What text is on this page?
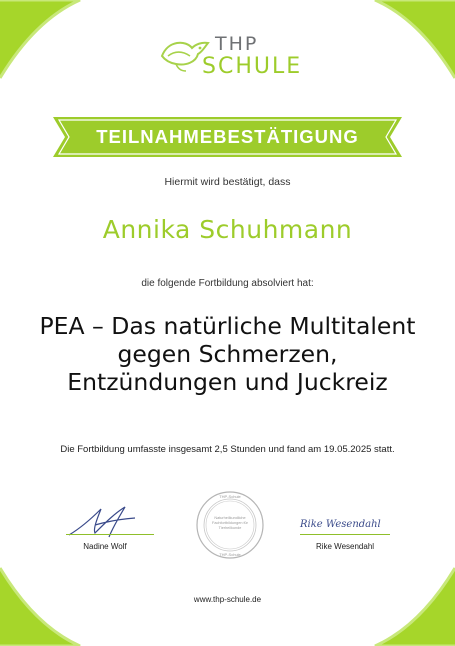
THP
SCHULE
TEILNAHMEBESTÄTIGUNG
Hiermit wird bestätigt, dass
Annika Schuhmann
die folgende Fortbildung absolviert hat:
PEA – Das natürliche Multitalent gegen Schmerzen, Entzündungen und Juckreiz
Die Fortbildung umfasste insgesamt 2,5 Stunden und fand am 19.05.2025 statt.
Nadine Wolf
THP-Schule
THP-Schule
Naturheilkundliche Fachfortbildungen für Tierheilkunde	Rike Wesendahl
Rike Wesendahl
www.thp-schule.de
